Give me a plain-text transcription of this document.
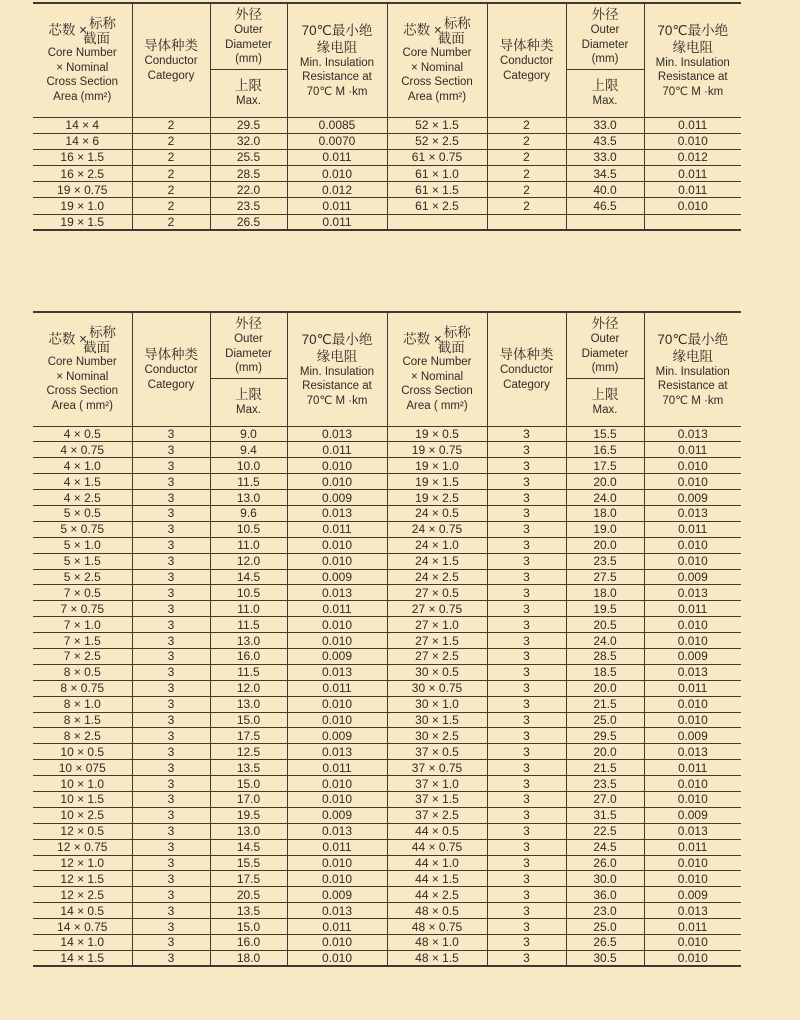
芯数 × 标称
截面
Core Number
× Nominal
Cross Section
Area (mm²)

导体种类
Conductor
Category

外径
Outer
Diameter
(mm)

70℃最小绝
缘电阻
Min. Insulation
Resistance at
70℃ M ·km

芯数 × 标称
截面
Core Number
× Nominal
Cross Section
Area (mm²)

导体种类
Conductor
Category

外径
Outer
Diameter
(mm)

70℃最小绝
缘电阻
Min. Insulation
Resistance at
70℃ M ·km

上限
Max.

上限
Max.

14 × 4	2	29.5	0.0085	52 × 1.5	2	33.0	0.011
14 × 6	2	32.0	0.0070	52 × 2.5	2	43.5	0.010
16 × 1.5	2	25.5	0.011	61 × 0.75	2	33.0	0.012
16 × 2.5	2	28.5	0.010	61 × 1.0	2	34.5	0.011
19 × 0.75	2	22.0	0.012	61 × 1.5	2	40.0	0.011
19 × 1.0	2	23.5	0.011	61 × 2.5	2	46.5	0.010
19 × 1.5	2	26.5	0.011				
芯数 × 标称
截面
Core Number
× Nominal
Cross Section
Area ( mm²)

导体种类
Conductor
Category

外径
Outer
Diameter
(mm)

70℃最小绝
缘电阻
Min. Insulation
Resistance at
70℃ M ·km

芯数 × 标称
截面
Core Number
× Nominal
Cross Section
Area ( mm²)

导体种类
Conductor
Category

外径
Outer
Diameter
(mm)

70℃最小绝
缘电阻
Min. Insulation
Resistance at
70℃ M ·km

上限
Max.

上限
Max.

4 × 0.5	3	9.0	0.013	19 × 0.5	3	15.5	0.013
4 × 0.75	3	9.4	0.011	19 × 0.75	3	16.5	0.011
4 × 1.0	3	10.0	0.010	19 × 1.0	3	17.5	0.010
4 × 1.5	3	11.5	0.010	19 × 1.5	3	20.0	0.010
4 × 2.5	3	13.0	0.009	19 × 2.5	3	24.0	0.009
5 × 0.5	3	9.6	0.013	24 × 0.5	3	18.0	0.013
5 × 0.75	3	10.5	0.011	24 × 0.75	3	19.0	0.011
5 × 1.0	3	11.0	0.010	24 × 1.0	3	20.0	0.010
5 × 1.5	3	12.0	0.010	24 × 1.5	3	23.5	0.010
5 × 2.5	3	14.5	0.009	24 × 2.5	3	27.5	0.009
7 × 0.5	3	10.5	0.013	27 × 0.5	3	18.0	0.013
7 × 0.75	3	11.0	0.011	27 × 0.75	3	19.5	0.011
7 × 1.0	3	11.5	0.010	27 × 1.0	3	20.5	0.010
7 × 1.5	3	13.0	0.010	27 × 1.5	3	24.0	0.010
7 × 2.5	3	16.0	0.009	27 × 2.5	3	28.5	0.009
8 × 0.5	3	11.5	0.013	30 × 0.5	3	18.5	0.013
8 × 0.75	3	12.0	0.011	30 × 0.75	3	20.0	0.011
8 × 1.0	3	13.0	0.010	30 × 1.0	3	21.5	0.010
8 × 1.5	3	15.0	0.010	30 × 1.5	3	25.0	0.010
8 × 2.5	3	17.5	0.009	30 × 2.5	3	29.5	0.009
10 × 0.5	3	12.5	0.013	37 × 0.5	3	20.0	0.013
10 × 075	3	13.5	0.011	37 × 0.75	3	21.5	0.011
10 × 1.0	3	15.0	0.010	37 × 1.0	3	23.5	0.010
10 × 1.5	3	17.0	0.010	37 × 1.5	3	27.0	0.010
10 × 2.5	3	19.5	0.009	37 × 2.5	3	31.5	0.009
12 × 0.5	3	13.0	0.013	44 × 0.5	3	22.5	0.013
12 × 0.75	3	14.5	0.011	44 × 0.75	3	24.5	0.011
12 × 1.0	3	15.5	0.010	44 × 1.0	3	26.0	0.010
12 × 1.5	3	17.5	0.010	44 × 1.5	3	30.0	0.010
12 × 2.5	3	20.5	0.009	44 × 2.5	3	36.0	0.009
14 × 0.5	3	13.5	0.013	48 × 0.5	3	23.0	0.013
14 × 0.75	3	15.0	0.011	48 × 0.75	3	25.0	0.011
14 × 1.0	3	16.0	0.010	48 × 1.0	3	26.5	0.010
14 × 1.5	3	18.0	0.010	48 × 1.5	3	30.5	0.010
